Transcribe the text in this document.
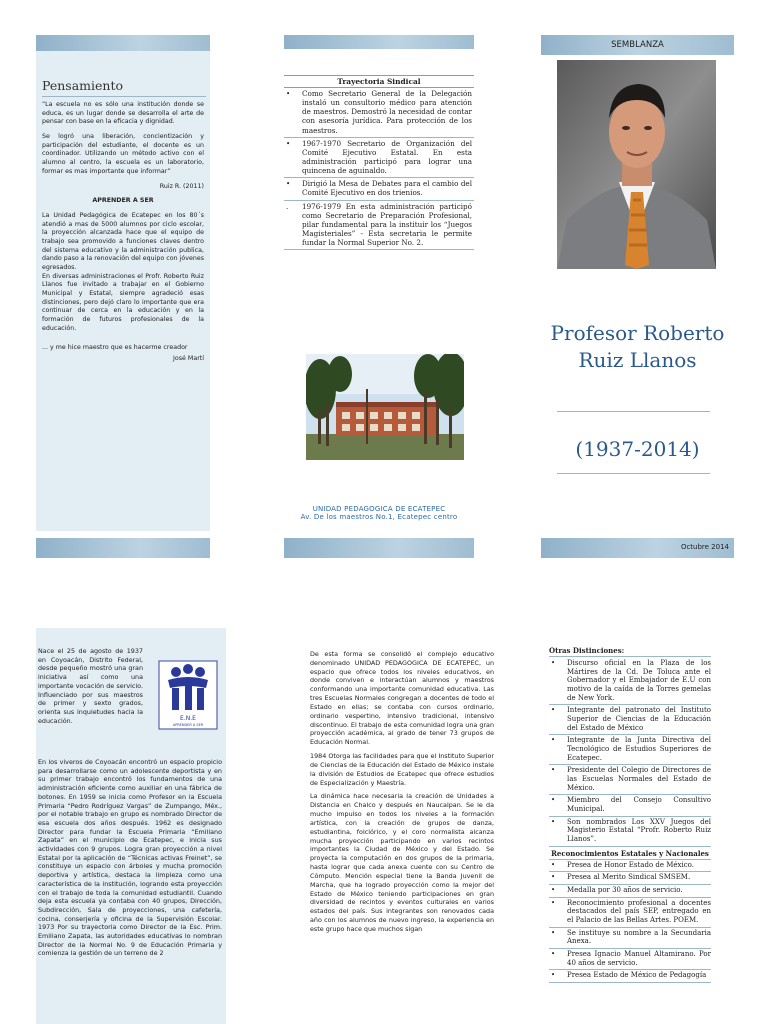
Pensamiento

“La escuela no es sólo una institución donde se educa, es un lugar donde se desarrolla el arte de pensar con base en la eficacia y dignidad.

Se logró una liberación, concientización y participación del estudiante, el docente es un coordinador. Utilizando un método activo con el alumno al centro, la escuela es un laboratorio, formar es mas importante que informar”

Ruiz R. (2011)

APRENDER A SER

La Unidad Pedagógica de Ecatepec en los 80´s atendió a mas de 5000 alumnos por ciclo escolar, la proyección alcanzada hace que el equipo de trabajo sea promovido a funciones claves dentro del sistema educativo y la administración publica, dando paso a la renovación del equipo con jóvenes egresados.

En diversas administraciones el Profr. Roberto Ruiz Llanos fue invitado a trabajar en el Gobierno Municipal y Estatal, siempre agradeció esas distinciones, pero dejó claro lo importante que era continuar de cerca en la educación y en la formación de futuros profesionales de la educación.

... y me hice maestro que es hacerme creador

José Martí

Trayectoria Sindical
•	Como Secretario General de la Delegación instaló un consultorio médico para atención de maestros. Demostró la necesidad de contar con asesoría jurídica. Para protección de los maestros.
•	1967-1970 Secretario de Organización del Comité Ejecutivo Estatal. En esta administración participó para lograr una quincena de aguinaldo.
•	Dirigió la Mesa de Debates para el cambio del Comité Ejecutivo en dos trienios.
.	1976-1979 En esta administración participó como Secretario de Preparación Profesional, pilar fundamental para la instituir los “Juegos Magisteriales” - Esta secretaria le permite fundar la Normal Superior No. 2.
UNIDAD PEDAGOGICA DE ECATEPEC
Av. De los maestros No.1, Ecatepec centro
SEMBLANZA
Profesor Roberto Ruiz Llanos
(1937-2014)
Octubre 2014
Nace el 25 de agosto de 1937 en Coyoacán, Distrito Federal, desde pequeño mostró una gran iniciativa así como una importante vocación de servicio. Influenciado por sus maestros de primer y sexto grados, orienta sus inquietudes hacia la educación.	E.N.E
APRENDER A SER
En los viveros de Coyoacán encontró un espacio propicio para desarrollarse como un adolescente deportista y en su primer trabajo encontró los fundamentos de una administración eficiente como auxiliar en una fábrica de botones. En 1959 se inicia como Profesor en la Escuela Primaria “Pedro Rodríguez Vargas” de Zumpango, Méx., por el notable trabajo en grupo es nombrado Director de esa escuela dos años después. 1962 es designado Director para fundar la Escuela Primaria “Emiliano Zapata” en el municipio de Ecatepec, e inicia sus actividades con 9 grupos. Logra gran proyección a nivel Estatal por la aplicación de “Técnicas activas Freinet”, se constituye un espacio con árboles y mucha promoción deportiva y artística, destaca la limpieza como una característica de la institución, logrando esta proyección con el trabajo de toda la comunidad estudiantil. Cuando deja esta escuela ya contaba con 40 grupos, Dirección, Subdirección, Sala de proyecciones, una cafetería, cocina, conserjería y oficina de la Supervisión Escolar. 1973 Por su trayectoria como Director de la Esc. Prim. Emiliano Zapata, las autoridades educativas lo nombran Director de la Normal No. 9 de Educación Primaria y comienza la gestión de un terreno de 2

De esta forma se consolidó el complejo educativo denominado UNIDAD PEDAGOGICA DE ECATEPEC, un espacio que ofrece todos los niveles educativos, en donde conviven e interactúan alumnos y maestros conformando una importante comunidad educativa. Las tres Escuelas Normales congregan a docentes de todo el Estado en ellas; se contaba con cursos ordinario, ordinario vespertino, intensivo tradicional, intensivo discontinuo. El trabajo de esta comunidad logra una gran proyección académica, al grado de tener 73 grupos de Educación Normal.

1984 Otorga las facilidades para que el Instituto Superior de Ciencias de la Educación del Estado de México instale la división de Estudios de Ecatepec que ofrece estudios de Especialización y Maestría.

La dinámica hace necesaria la creación de Unidades a Distancia en Chalco y después en Naucalpan. Se le da mucho impulso en todos los niveles a la formación artística, con la creación de grupos de danza, estudiantina, folclórico, y el coro normalista alcanza mucha proyección participando en varios recintos importantes la Ciudad de México y del Estado. Se proyecta la computación en dos grupos de la primaria, hasta lograr que cada anexa cuente con su Centro de Cómputo. Mención especial tiene la Banda Juvenil de Marcha, que ha logrado proyección como la mejor del Estado de México teniendo participaciones en gran diversidad de recintos y eventos culturales en varios estados del país. Sus integrantes son renovados cada año con los alumnos de nuevo ingreso, la experiencia en este grupo hace que muchos sigan

Otras Distinciones:
•	Discurso oficial en la Plaza de los Mártires de la Cd. De Toluca ante el Gobernador y el Embajador de E.U con motivo de la caída de la Torres gemelas de New York.
•	Integrante del patronato del Instituto Superior de Ciencias de la Educación del Estado de México
•	Integrante de la Junta Directiva del Tecnológico de Estudios Superiores de Ecatepec.
•	Presidente del Colegio de Directores de las Escuelas Normales del Estado de México.
•	Miembro del Consejo Consultivo Municipal.
•	Son nombrados Los XXV Juegos del Magisterio Estatal “Profr. Roberto Ruiz Llanos”.
Reconocimientos Estatales y Nacionales
•	Presea de Honor Estado de México.
•	Presea al Merito Sindical SMSEM.
•	Medalla por 30 años de servicio.
•	Reconocimiento profesional a docentes destacados del país SEP, entregado en el Palacio de las Bellas Artes. POEM.
•	Se instituye su nombre a la Secundaria Anexa.
•	Presea Ignacio Manuel Altamirano. Por 40 años de servicio.
•	Presea Estado de México de Pedagogía
